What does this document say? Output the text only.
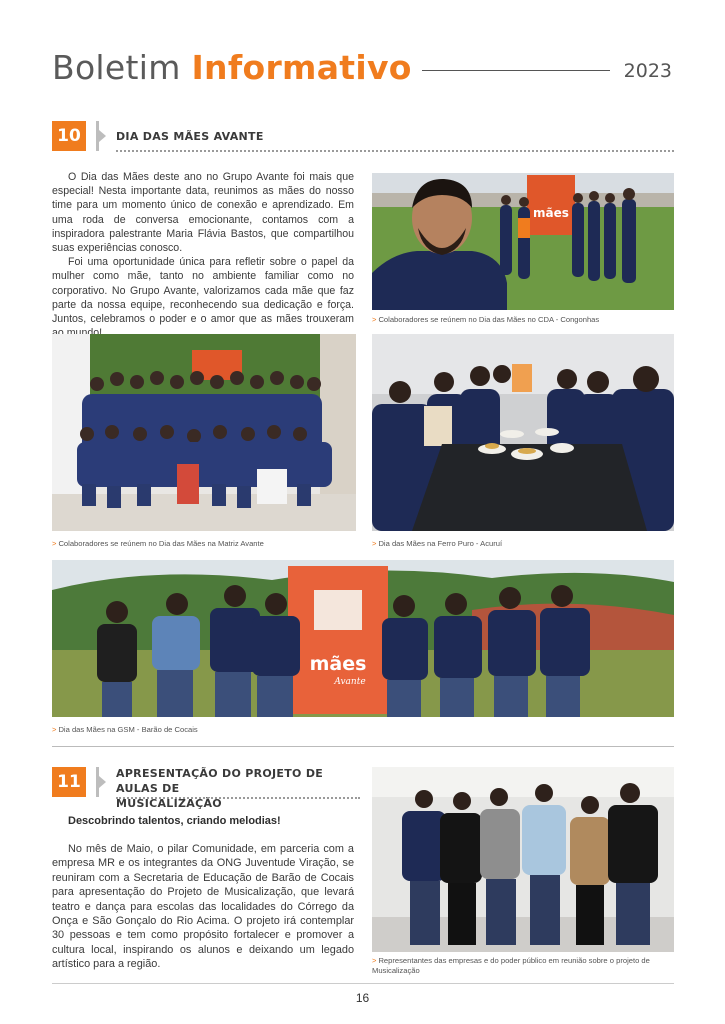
Boletim Informativo	2023
10	DIA DAS MÃES AVANTE

O Dia das Mães deste ano no Grupo Avante foi mais que especial! Nesta importante data, reunimos as mães do nosso time para um momento único de conexão e aprendizado. Em uma roda de conversa emocionante, contamos com a inspiradora palestrante Maria Flávia Bastos, que compartilhou suas experiências conosco.

Foi uma oportunidade única para refletir sobre o papel da mulher como mãe, tanto no ambiente familiar como no corporativo. No Grupo Avante, valorizamos cada mãe que faz parte da nossa equipe, reconhecendo sua dedicação e força. Juntos, celebramos o poder e o amor que as mães trouxeram

mães
> Colaboradores se reúnem no Dia das Mães no CDA - Congonhas
> Colaboradores se reúnem no Dia das Mães na Matriz Avante	> Dia das Mães na Ferro Puro - Acuruí
mães
Avante
> Dia das Mães na GSM - Barão de Cocais
11	APRESENTAÇÃO DO PROJETO DE AULAS DE
MUSICALIZAÇÃO
Descobrindo talentos, criando melodias!

No mês de Maio, o pilar Comunidade, em parceria com a empresa MR e os integrantes da ONG Juventude Viração, se reuniram com a Secretaria de Educação de Barão de Cocais para apresentação do Projeto de Musicalização, que levará teatro e dança para escolas das localidades do Córrego da Onça e São Gonçalo do Rio Acima. O projeto irá contemplar 30 pessoas e tem como propósito fortalecer e promover a cultura local, inspirando os alunos e deixando um legado artístico para a região.	> Representantes das empresas e do poder público em reunião sobre o projeto de
Musicalização
16
